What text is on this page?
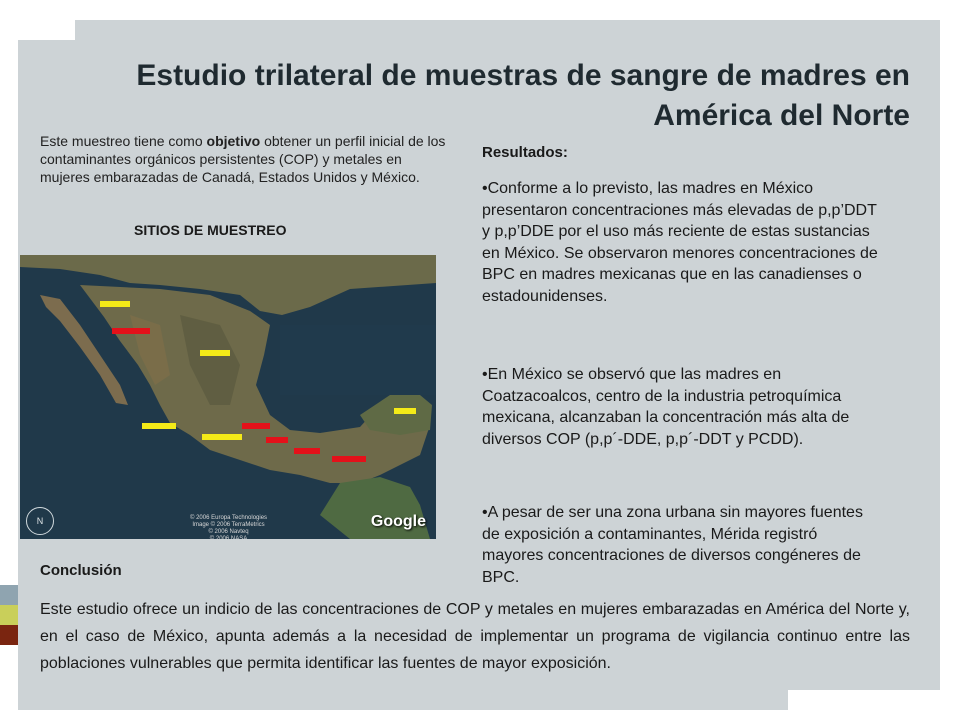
Estudio trilateral de muestras de sangre de madres en América del Norte
Este muestreo tiene como objetivo obtener un perfil inicial de los contaminantes orgánicos persistentes (COP) y metales en mujeres embarazadas de Canadá, Estados Unidos y México.
SITIOS DE MUESTREO
© 2006 Europa Technologies
Image © 2006 TerraMetrics
© 2006 Navteq
© 2006 NASA
N	Google
Resultados:

•Conforme a lo previsto, las madres en México presentaron concentraciones más elevadas de p,p’DDT y p,p’DDE por el uso más reciente de estas sustancias en México. Se observaron menores concentraciones de BPC en madres mexicanas que en las canadienses o estadounidenses.

•En México se observó que las madres en Coatzacoalcos, centro de la industria petroquímica mexicana, alcanzaban la concentración más alta de diversos COP (p,p´-DDE, p,p´-DDT y PCDD).

•A pesar de ser una zona urbana sin mayores fuentes de exposición a contaminantes, Mérida registró mayores concentraciones de diversos congéneres de BPC.

Conclusión
Este estudio ofrece un indicio de las concentraciones de COP y metales en mujeres embarazadas en América del Norte y, en el caso de México, apunta además a la necesidad de implementar un programa de vigilancia continuo entre las poblaciones vulnerables que permita identificar las fuentes de mayor exposición.
